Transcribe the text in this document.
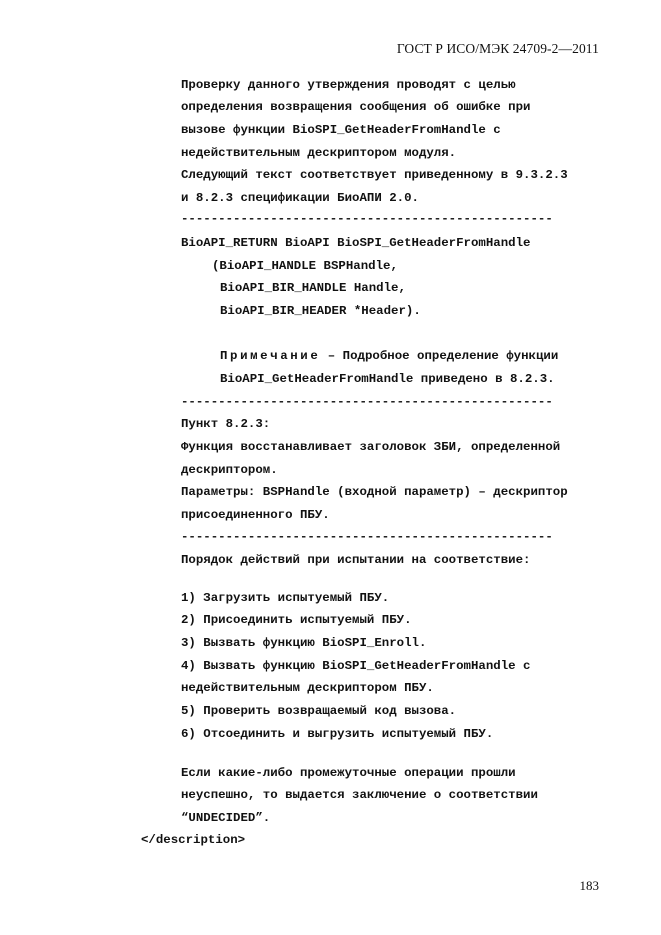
ГОСТ Р ИСО/МЭК 24709-2—2011
Проверку данного утверждения проводят с целью
определения возвращения сообщения об ошибке при
вызове функции BioSPI_GetHeaderFromHandle с
недействительным дескриптором модуля.
Следующий текст соответствует приведенному в 9.3.2.3
и 8.2.3 спецификации БиоАПИ 2.0.
--------------------------------------------------
BioAPI_RETURN BioAPI BioSPI_GetHeaderFromHandle
(BioAPI_HANDLE BSPHandle,
BioAPI_BIR_HANDLE Handle,
BioAPI_BIR_HEADER *Header).
Примечание – Подробное определение функции
BioAPI_GetHeaderFromHandle приведено в 8.2.3.
--------------------------------------------------
Пункт 8.2.3:
Функция восстанавливает заголовок ЗБИ, определенной
дескриптором.
Параметры: BSPHandle (входной параметр) – дескриптор
присоединенного ПБУ.
--------------------------------------------------
Порядок действий при испытании на соответствие:
1) Загрузить испытуемый ПБУ.
2) Присоединить испытуемый ПБУ.
3) Вызвать функцию BioSPI_Enroll.
4) Вызвать функцию BioSPI_GetHeaderFromHandle с
недействительным дескриптором ПБУ.
5) Проверить возвращаемый код вызова.
6) Отсоединить и выгрузить испытуемый ПБУ.
Если какие-либо промежуточные операции прошли
неуспешно, то выдается заключение о соответствии
“UNDECIDED”.
</description>
183
